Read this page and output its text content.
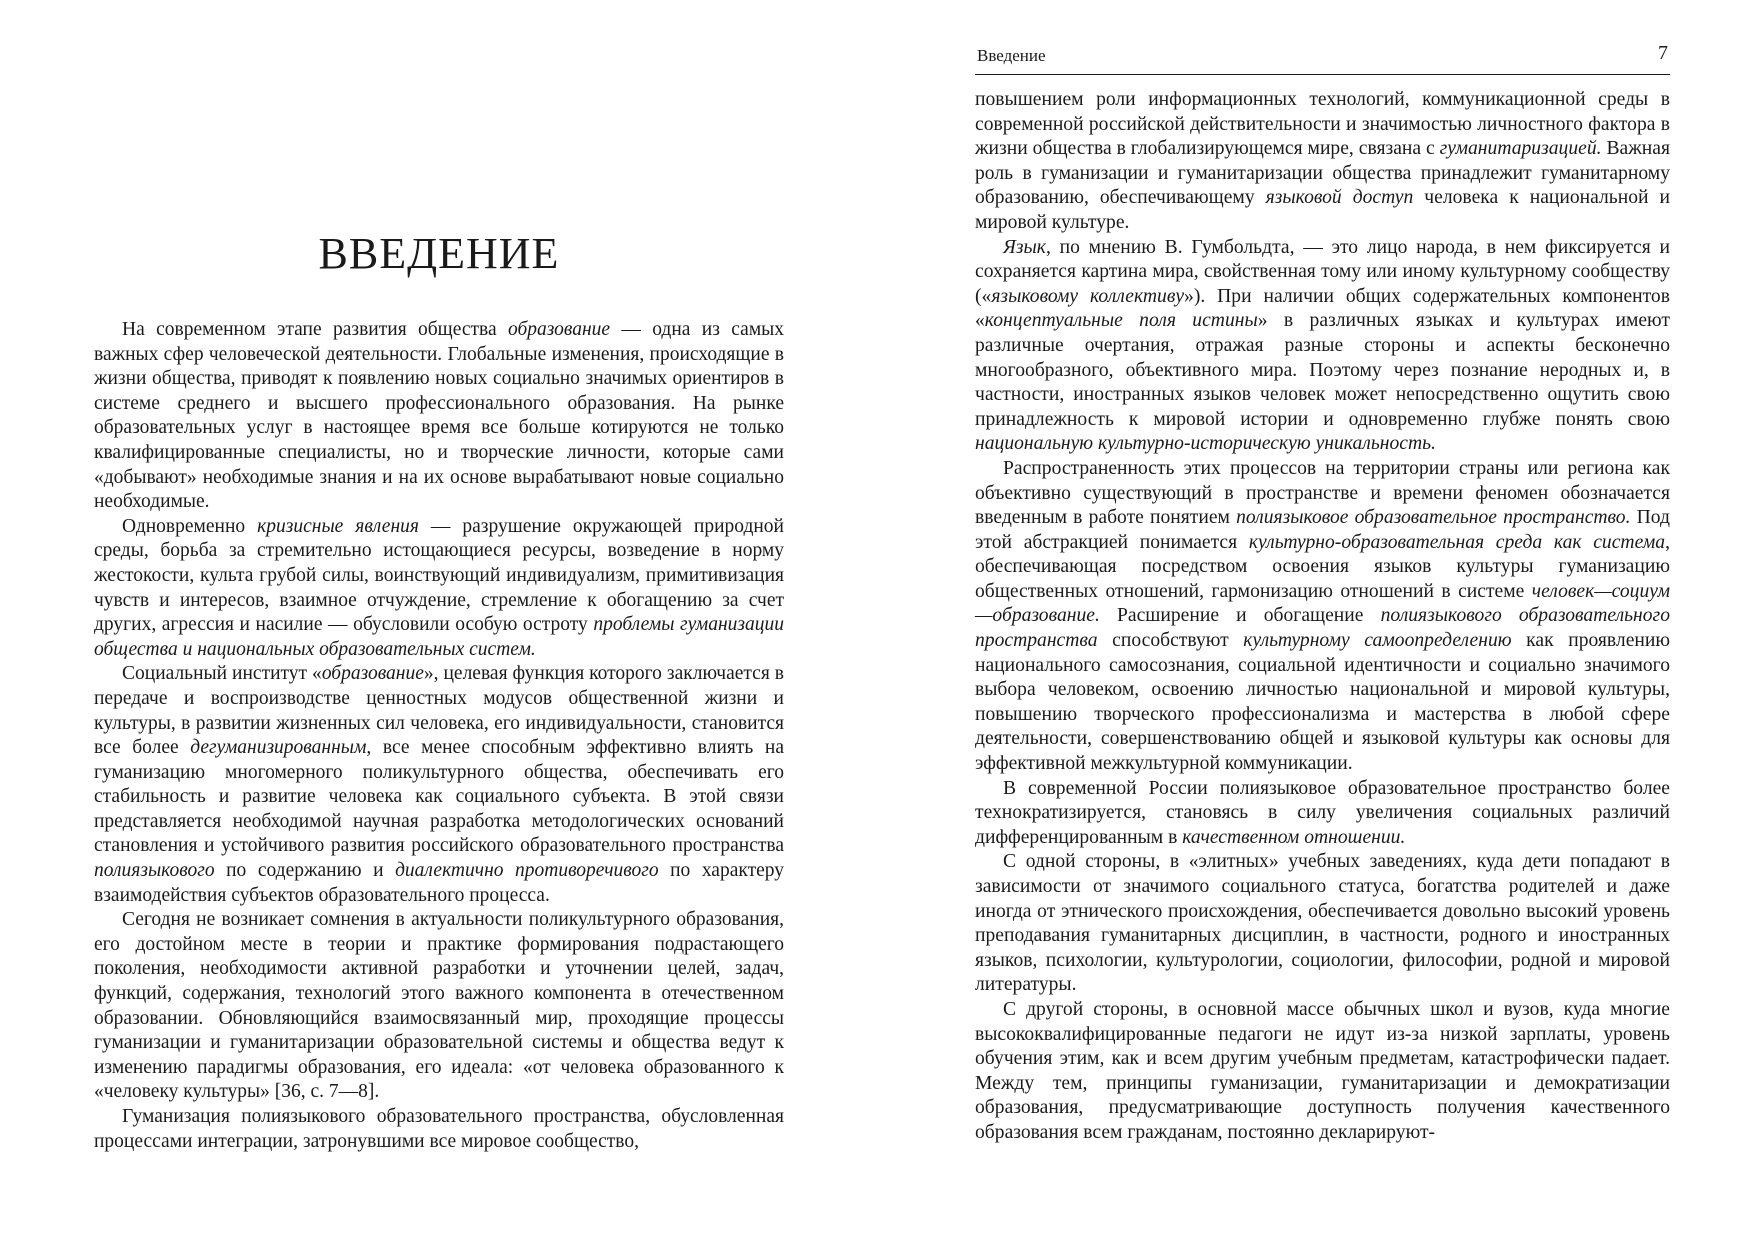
ВВЕДЕНИЕ

На современном этапе развития общества образование — одна из самых важных сфер человеческой деятельности. Глобальные изменения, происходящие в жизни общества, приводят к появлению новых социально значимых ориентиров в системе среднего и высшего профессионального образования. На рынке образовательных услуг в настоящее время все больше котируются не только квалифицированные специалисты, но и творческие личности, которые сами «добывают» необходимые знания и на их основе вырабатывают новые социально необходимые.

Одновременно кризисные явления — разрушение окружающей природной среды, борьба за стремительно истощающиеся ресурсы, возведение в норму жестокости, культа грубой силы, воинствующий индивидуализм, примитивизация чувств и интересов, взаимное отчуждение, стремление к обогащению за счет других, агрессия и насилие — обусловили особую остроту проблемы гуманизации общества и национальных образовательных систем.

Социальный институт «образование», целевая функция которого заключается в передаче и воспроизводстве ценностных модусов общественной жизни и культуры, в развитии жизненных сил человека, его индивидуальности, становится все более дегуманизированным, все менее способным эффективно влиять на гуманизацию многомерного поликультурного общества, обеспечивать его стабильность и развитие человека как социального субъекта. В этой связи представляется необходимой научная разработка методологических оснований становления и устойчивого развития российского образовательного пространства полиязыкового по содержанию и диалектично противоречивого по характеру взаимодействия субъектов образовательного процесса.

Сегодня не возникает сомнения в актуальности поликультурного образования, его достойном месте в теории и практике формирования подрастающего поколения, необходимости активной разработки и уточнении целей, задач, функций, содержания, технологий этого важного компонента в отечественном образовании. Обновляющийся взаимосвязанный мир, проходящие процессы гуманизации и гуманитаризации образовательной системы и общества ведут к изменению парадигмы образования, его идеала: «от человека образованного к «человеку культуры» [36, с. 7—8].

Гуманизация полиязыкового образовательного пространства, обусловленная процессами интеграции, затронувшими все мировое сообщество,

Введение	7

повышением роли информационных технологий, коммуникационной среды в современной российской действительности и значимостью личностного фактора в жизни общества в глобализирующемся мире, связана с гуманитаризацией. Важная роль в гуманизации и гуманитаризации общества принадлежит гуманитарному образованию, обеспечивающему языковой доступ человека к национальной и мировой культуре.

Язык, по мнению В. Гумбольдта, — это лицо народа, в нем фиксируется и сохраняется картина мира, свойственная тому или иному культурному сообществу («языковому коллективу»). При наличии общих содержательных компонентов «концептуальные поля истины» в различных языках и культурах имеют различные очертания, отражая разные стороны и аспекты бесконечно многообразного, объективного мира. Поэтому через познание неродных и, в частности, иностранных языков человек может непосредственно ощутить свою принадлежность к мировой истории и одновременно глубже понять свою национальную культурно-историческую уникальность.

Распространенность этих процессов на территории страны или региона как объективно существующий в пространстве и времени феномен обозначается введенным в работе понятием полиязыковое образовательное пространство. Под этой абстракцией понимается культурно-образовательная среда как система, обеспечивающая посредством освоения языков культуры гуманизацию общественных отношений, гармонизацию отношений в системе человек—социум—образование. Расширение и обогащение полиязыкового образовательного пространства способствуют культурному самоопределению как проявлению национального самосознания, социальной идентичности и социально значимого выбора человеком, освоению личностью национальной и мировой культуры, повышению творческого профессионализма и мастерства в любой сфере деятельности, совершенствованию общей и языковой культуры как основы для эффективной межкультурной коммуникации.

В современной России полиязыковое образовательное пространство более технократизируется, становясь в силу увеличения социальных различий дифференцированным в качественном отношении.

С одной стороны, в «элитных» учебных заведениях, куда дети попадают в зависимости от значимого социального статуса, богатства родителей и даже иногда от этнического происхождения, обеспечивается довольно высокий уровень преподавания гуманитарных дисциплин, в частности, родного и иностранных языков, психологии, культурологии, социологии, философии, родной и мировой литературы.

С другой стороны, в основной массе обычных школ и вузов, куда многие высококвалифицированные педагоги не идут из-за низкой зарплаты, уровень обучения этим, как и всем другим учебным предметам, катастрофически падает. Между тем, принципы гуманизации, гуманитаризации и демократизации образования, предусматривающие доступность получения качественного образования всем гражданам, постоянно декларируют-
